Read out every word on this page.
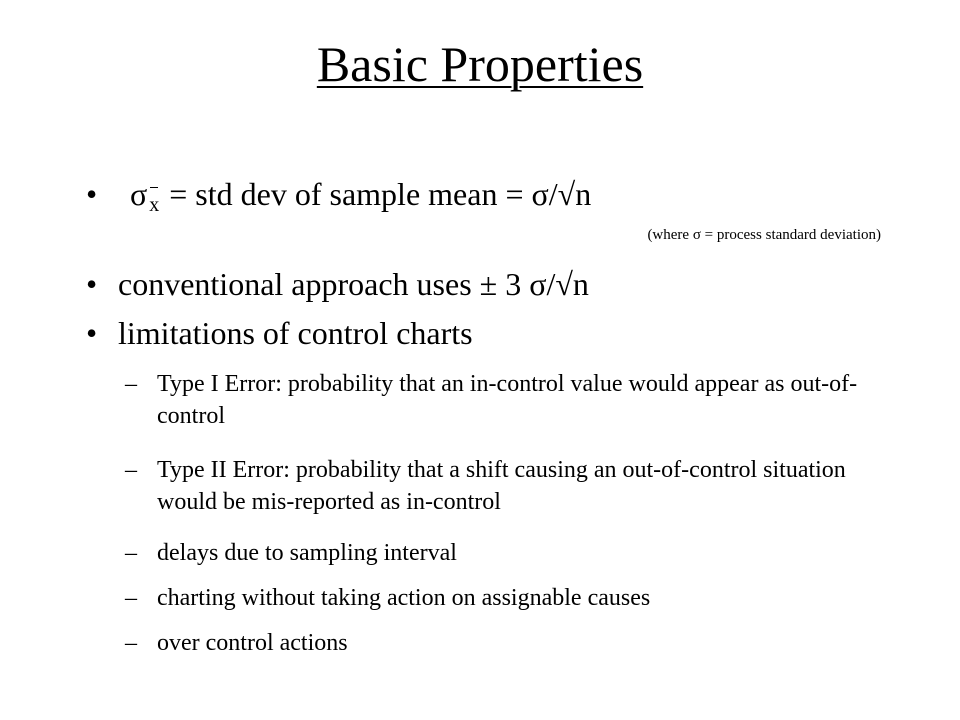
Basic Properties
• σ x = std dev of sample mean = σ/√n
(where σ = process standard deviation)
• conventional approach uses ± 3 σ/√n
• limitations of control charts
– Type I Error: probability that an in-control value would appear as out-of-control
– Type II Error: probability that a shift causing an out-of-control situation would be mis-reported as in-control
– delays due to sampling interval
– charting without taking action on assignable causes
– over control actions
